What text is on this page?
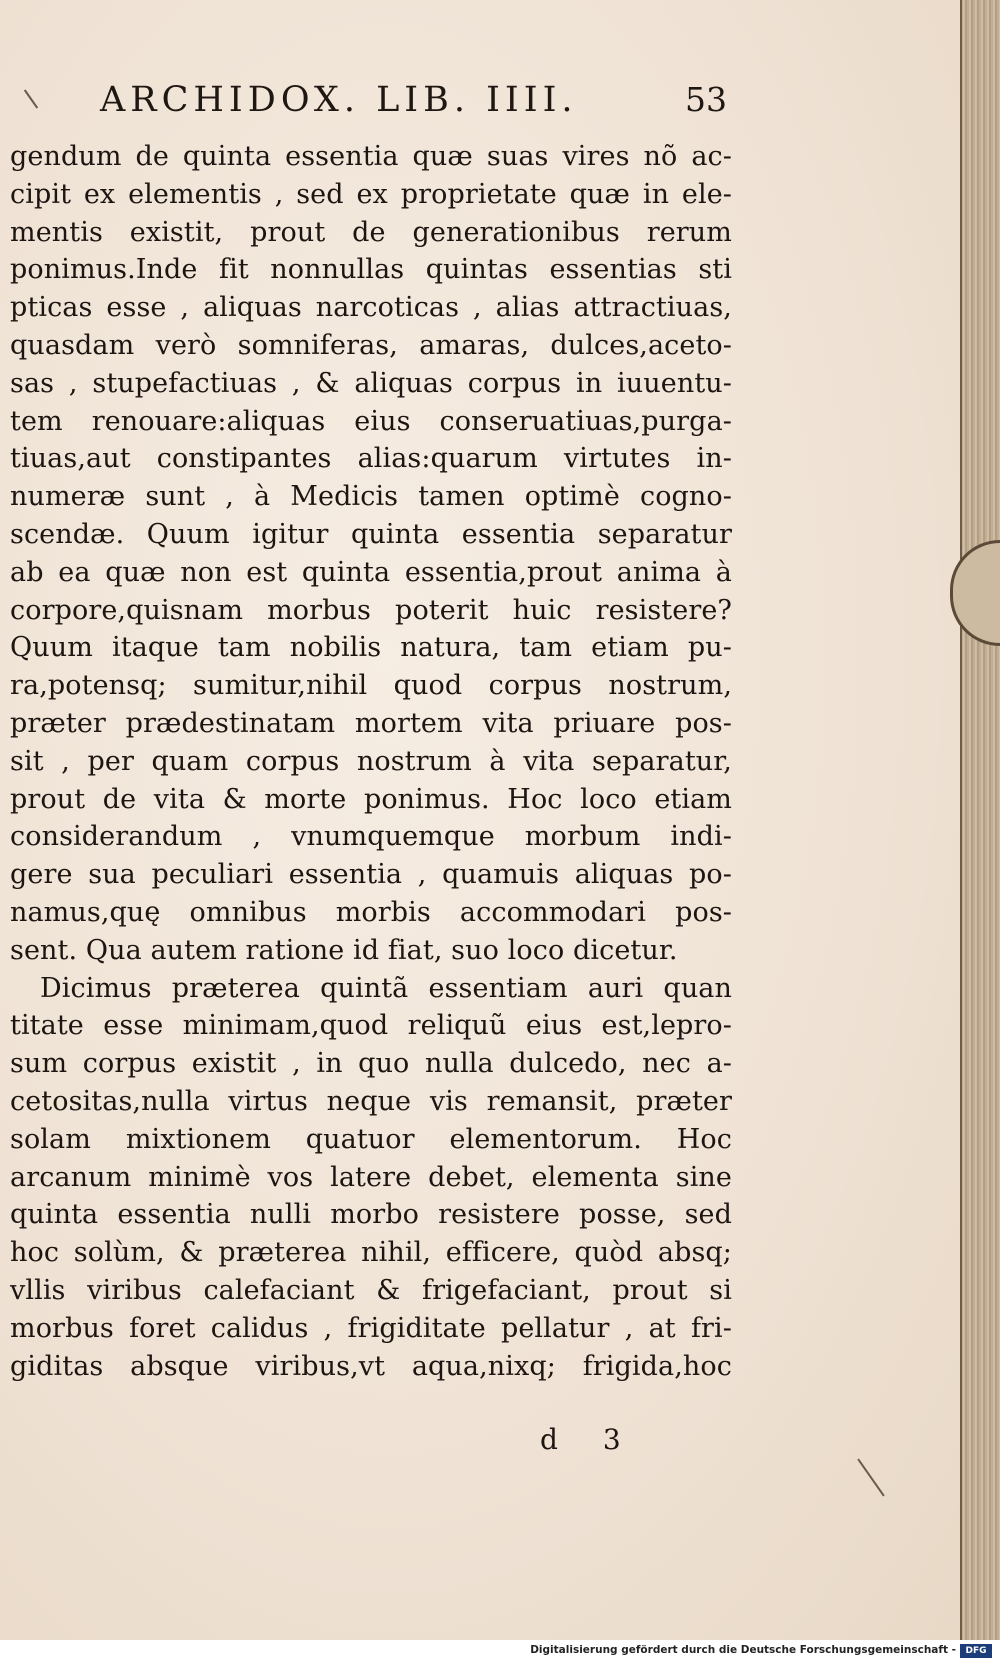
ARCHIDOX. LIB. IIII.	53
gendum de quinta essentia quæ suas vires nõ ac-
cipit ex elementis , sed ex proprietate quæ in ele-
mentis existit, prout de generationibus rerum
ponimus.Inde fit nonnullas quintas essentias sti
pticas esse , aliquas narcoticas , alias attractiuas,
quasdam verò somniferas, amaras, dulces,aceto-
sas , stupefactiuas , & aliquas corpus in iuuentu-
tem renouare:aliquas eius conseruatiuas,purga-
tiuas,aut constipantes alias:quarum virtutes in-
numeræ sunt , à Medicis tamen optimè cogno-
scendæ. Quum igitur quinta essentia separatur
ab ea quæ non est quinta essentia,prout anima à
corpore,quisnam morbus poterit huic resistere?
Quum itaque tam nobilis natura, tam etiam pu-
ra,potensq; sumitur,nihil quod corpus nostrum,
præter prædestinatam mortem vita priuare pos-
sit , per quam corpus nostrum à vita separatur,
prout de vita & morte ponimus. Hoc loco etiam
considerandum , vnumquemque morbum indi-
gere sua peculiari essentia , quamuis aliquas po-
namus,quę omnibus morbis accommodari pos-
sent. Qua autem ratione id fiat, suo loco dicetur.
Dicimus præterea quintã essentiam auri quan
titate esse minimam,quod reliquũ eius est,lepro-
sum corpus existit , in quo nulla dulcedo, nec a-
cetositas,nulla virtus neque vis remansit, præter
solam mixtionem quatuor elementorum. Hoc
arcanum minimè vos latere debet, elementa sine
quinta essentia nulli morbo resistere posse, sed
hoc solùm, & præterea nihil, efficere, quòd absq;
vllis viribus calefaciant & frigefaciant, prout si
morbus foret calidus , frigiditate pellatur , at fri-
giditas absque viribus,vt aqua,nixq; frigida,hoc
d 3
Digitalisierung gefördert durch die Deutsche Forschungsgemeinschaft -	DFG
